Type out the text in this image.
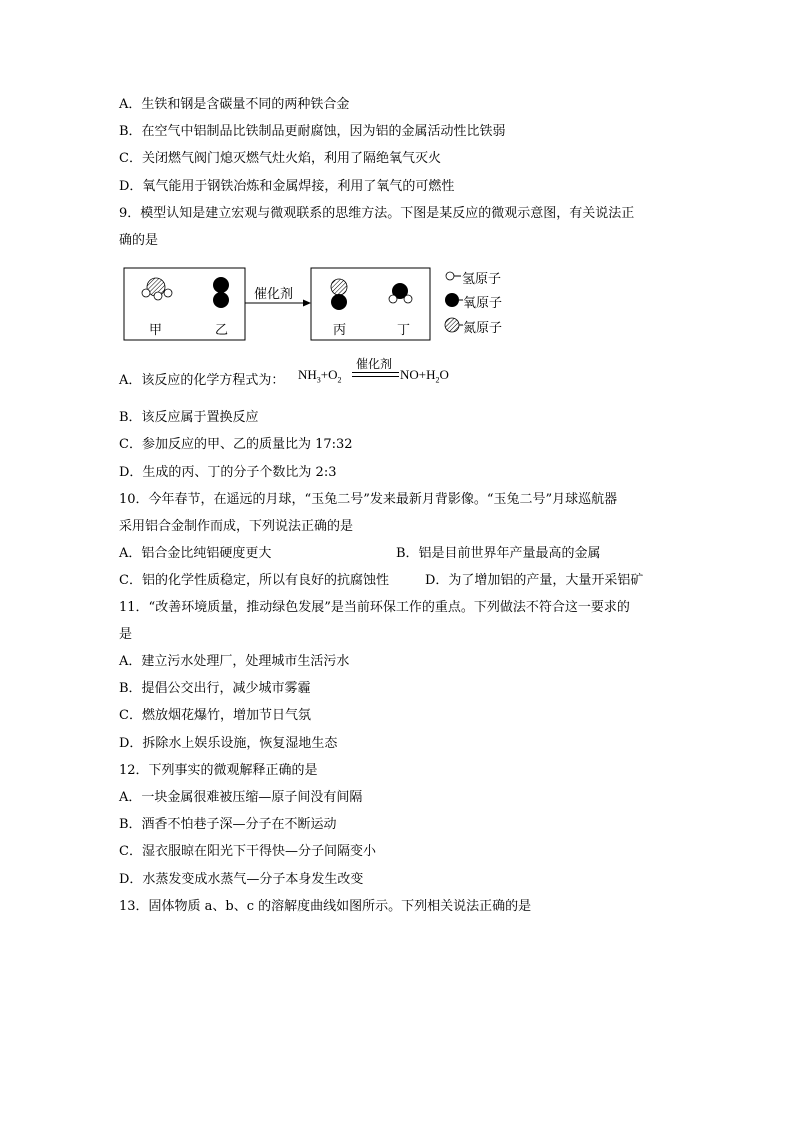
A．生铁和钢是含碳量不同的两种铁合金
B．在空气中铝制品比铁制品更耐腐蚀，因为铝的金属活动性比铁弱
C．关闭燃气阀门熄灭燃气灶火焰，利用了隔绝氧气灭火
D．氧气能用于钢铁冶炼和金属焊接，利用了氧气的可燃性
9．模型认知是建立宏观与微观联系的思维方法。下图是某反应的微观示意图，有关说法正
确的是
甲	乙
催化剂
丙	丁
氢原子
氧原子
氮原子
A．该反应的化学方程式为：
催化剂
$NH_3+O_2$	$NO+H_2O$
B．该反应属于置换反应
C．参加反应的甲、乙的质量比为 17:32
D．生成的丙、丁的分子个数比为 2:3
10．今年春节，在遥远的月球，“玉兔二号”发来最新月背影像。“玉兔二号”月球巡航器
采用铝合金制作而成，下列说法正确的是
A．铝合金比纯铝硬度更大	B．铝是目前世界年产量最高的金属
C．铝的化学性质稳定，所以有良好的抗腐蚀性	D．为了增加铝的产量，大量开采铝矿
11．“改善环境质量，推动绿色发展”是当前环保工作的重点。下列做法不符合这一要求的
是
A．建立污水处理厂，处理城市生活污水
B．提倡公交出行，减少城市雾霾
C．燃放烟花爆竹，增加节日气氛
D．拆除水上娱乐设施，恢复湿地生态
12．下列事实的微观解释正确的是
A．一块金属很难被压缩—原子间没有间隔
B．酒香不怕巷子深—分子在不断运动
C．湿衣服晾在阳光下干得快—分子间隔变小
D．水蒸发变成水蒸气—分子本身发生改变
13．固体物质 a、b、c 的溶解度曲线如图所示。下列相关说法正确的是
